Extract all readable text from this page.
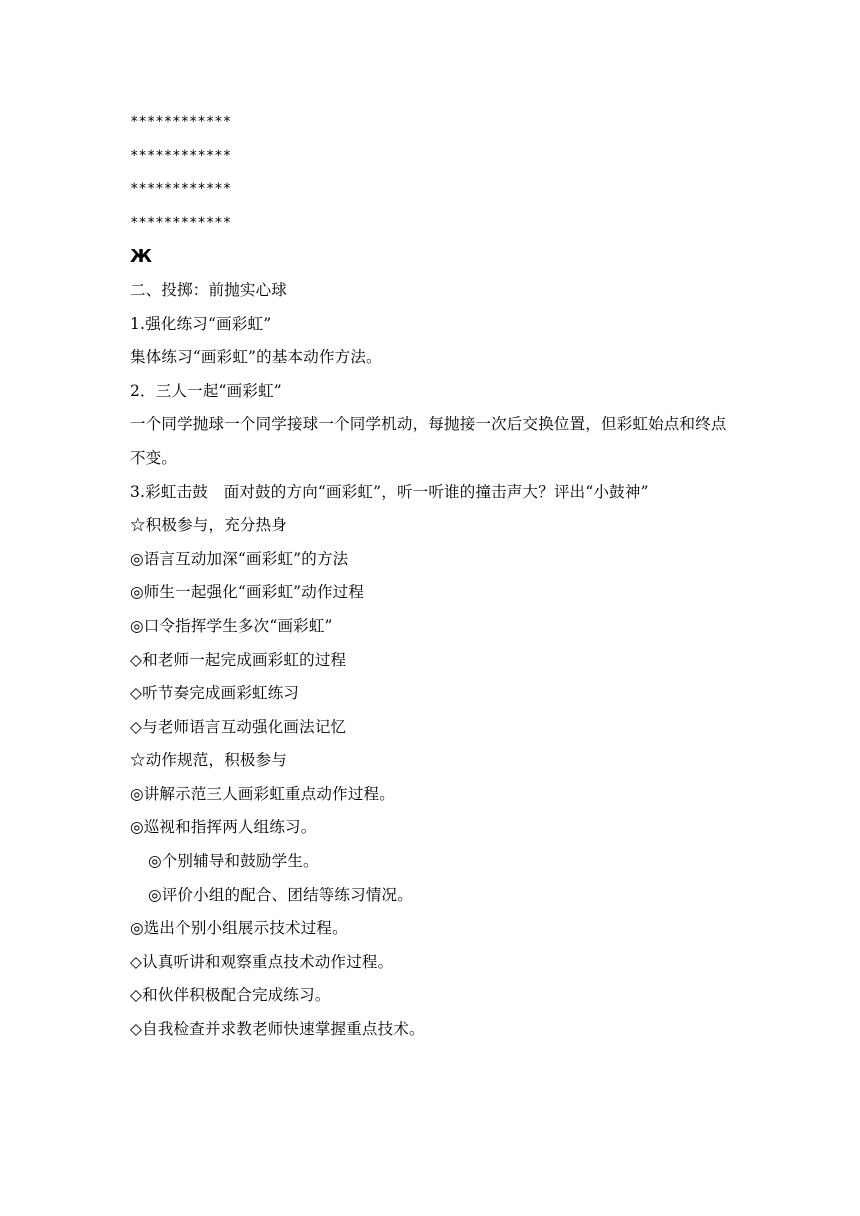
************
************
************
************
Ж
二、投掷：前抛实心球
1.强化练习“画彩虹”
集体练习“画彩虹”的基本动作方法。
2．三人一起“画彩虹”
一个同学抛球一个同学接球一个同学机动，每抛接一次后交换位置，但彩虹始点和终点不变。
3.彩虹击鼓　面对鼓的方向“画彩虹”，听一听谁的撞击声大？评出“小鼓神”
☆积极参与，充分热身
◎语言互动加深“画彩虹”的方法
◎师生一起强化“画彩虹”动作过程
◎口令指挥学生多次“画彩虹”
◇和老师一起完成画彩虹的过程
◇听节奏完成画彩虹练习
◇与老师语言互动强化画法记忆
☆动作规范，积极参与
◎讲解示范三人画彩虹重点动作过程。
◎巡视和指挥两人组练习。
◎个别辅导和鼓励学生。
◎评价小组的配合、团结等练习情况。
◎选出个别小组展示技术过程。
◇认真听讲和观察重点技术动作过程。
◇和伙伴积极配合完成练习。
◇自我检查并求教老师快速掌握重点技术。
